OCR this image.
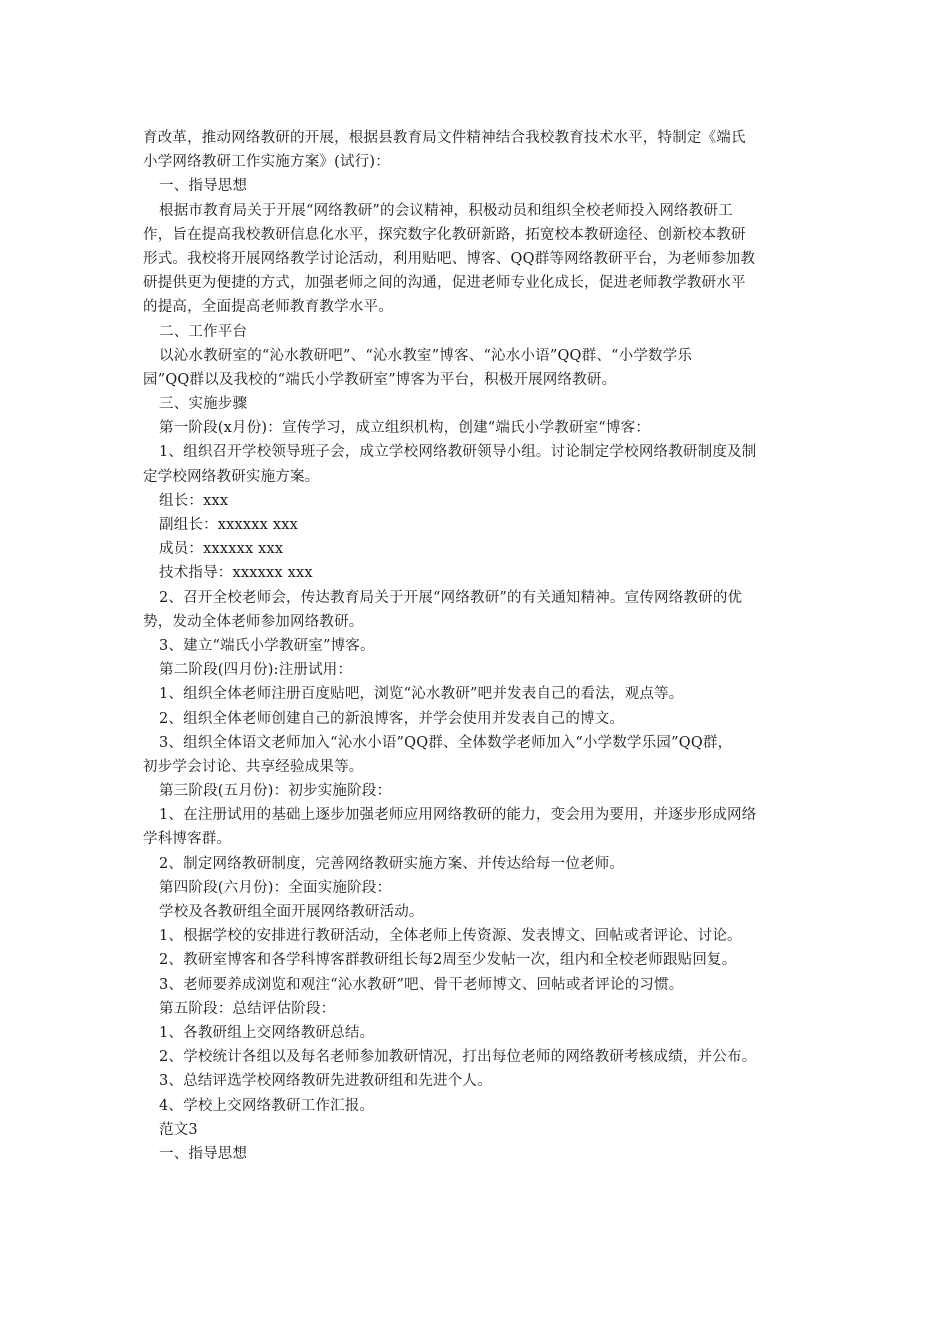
育改革，推动网络教研的开展，根据县教育局文件精神结合我校教育技术水平，特制定《端氏
小学网络教研工作实施方案》(试行)：
一、指导思想
根据市教育局关于开展“网络教研”的会议精神，积极动员和组织全校老师投入网络教研工
作，旨在提高我校教研信息化水平，探究数字化教研新路，拓宽校本教研途径、创新校本教研
形式。我校将开展网络教学讨论活动，利用贴吧、博客、QQ群等网络教研平台，为老师参加教
研提供更为便捷的方式，加强老师之间的沟通，促进老师专业化成长，促进老师教学教研水平
的提高，全面提高老师教育教学水平。
二、工作平台
以沁水教研室的“沁水教研吧”、“沁水教室”博客、“沁水小语”QQ群、“小学数学乐
园”QQ群以及我校的“端氏小学教研室”博客为平台，积极开展网络教研。
三、实施步骤
第一阶段(x月份)：宣传学习，成立组织机构，创建“端氏小学教研室“博客：
1、组织召开学校领导班子会，成立学校网络教研领导小组。讨论制定学校网络教研制度及制
定学校网络教研实施方案。
组长：xxx
副组长：xxxxxx xxx
成员：xxxxxx xxx
技术指导：xxxxxx xxx
2、召开全校老师会，传达教育局关于开展“网络教研”的有关通知精神。宣传网络教研的优
势，发动全体老师参加网络教研。
3、建立“端氏小学教研室”博客。
第二阶段(四月份):注册试用：
1、组织全体老师注册百度贴吧，浏览“沁水教研”吧并发表自己的看法，观点等。
2、组织全体老师创建自己的新浪博客，并学会使用并发表自己的博文。
3、组织全体语文老师加入“沁水小语”QQ群、全体数学老师加入“小学数学乐园”QQ群，
初步学会讨论、共享经验成果等。
第三阶段(五月份)：初步实施阶段：
1、在注册试用的基础上逐步加强老师应用网络教研的能力，变会用为要用，并逐步形成网络
学科博客群。
2、制定网络教研制度，完善网络教研实施方案、并传达给每一位老师。
第四阶段(六月份)：全面实施阶段：
学校及各教研组全面开展网络教研活动。
1、根据学校的安排进行教研活动，全体老师上传资源、发表博文、回帖或者评论、讨论。
2、教研室博客和各学科博客群教研组长每2周至少发帖一次，组内和全校老师跟贴回复。
3、老师要养成浏览和观注“沁水教研”吧、骨干老师博文、回帖或者评论的习惯。
第五阶段：总结评估阶段：
1、各教研组上交网络教研总结。
2、学校统计各组以及每名老师参加教研情况，打出每位老师的网络教研考核成绩，并公布。
3、总结评选学校网络教研先进教研组和先进个人。
4、学校上交网络教研工作汇报。
范文3
一、指导思想
